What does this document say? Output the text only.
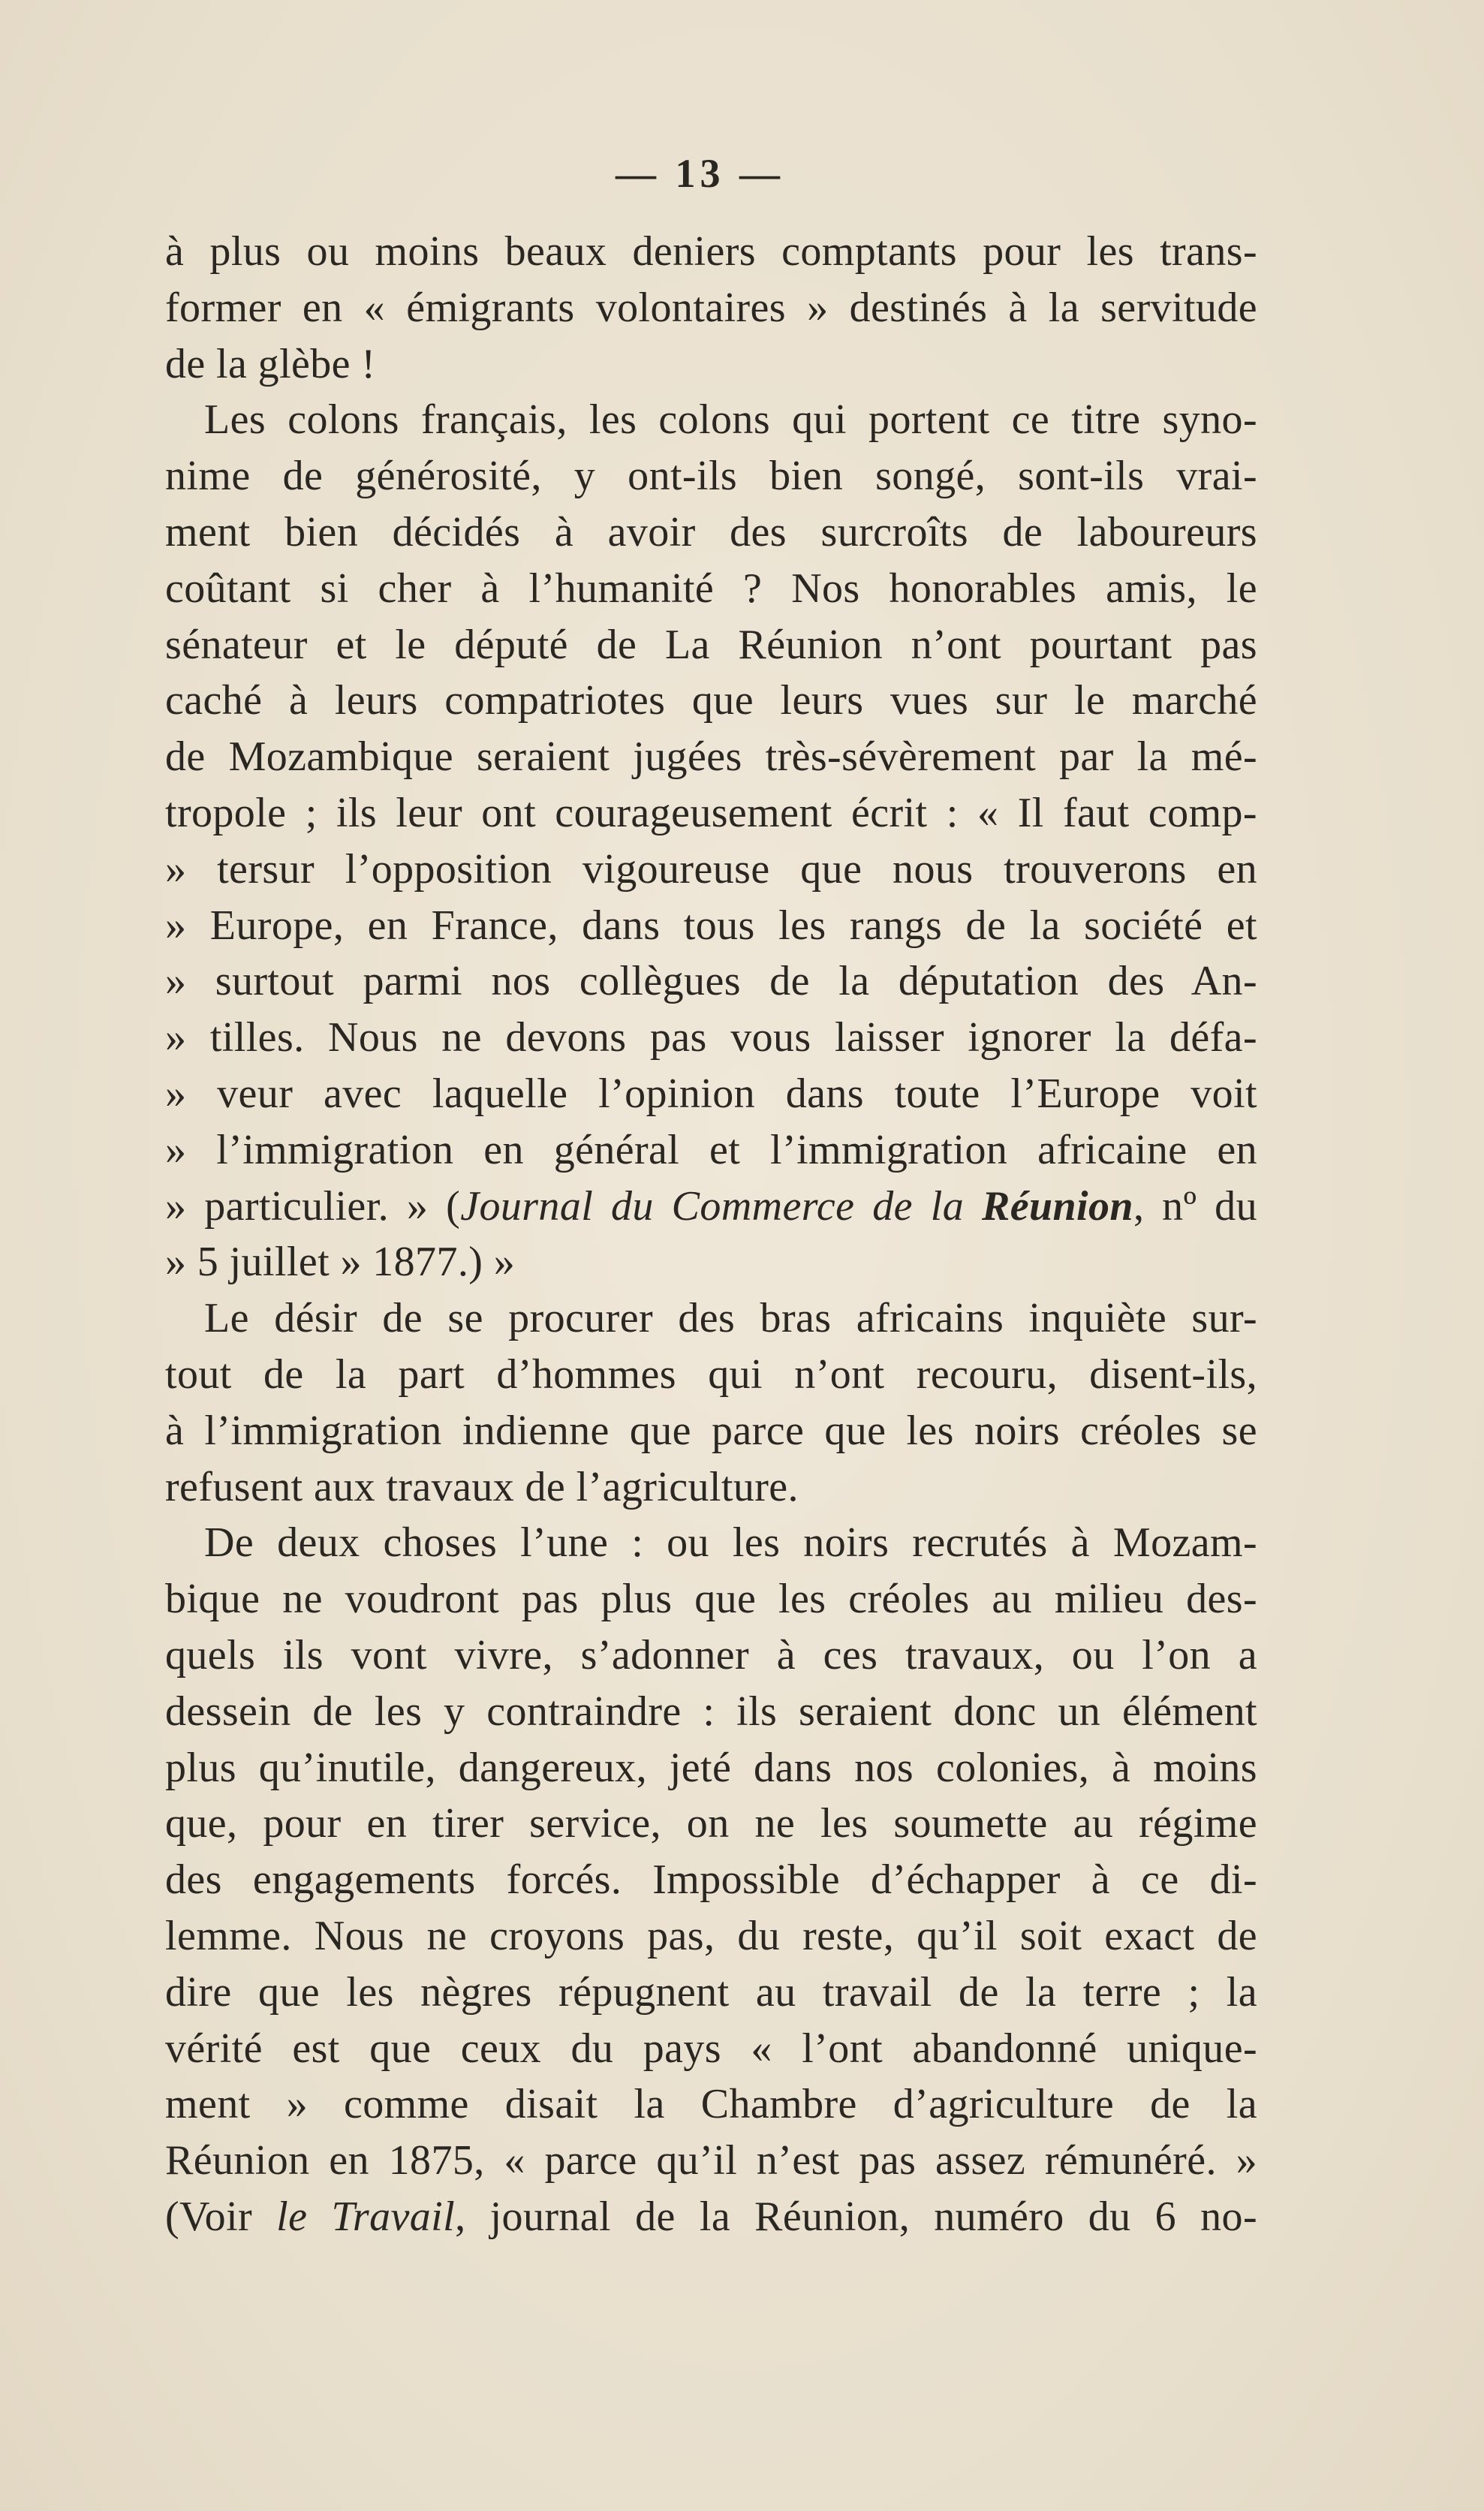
— 13 —
à plus ou moins beaux deniers comptants pour les trans-
former en « émigrants volontaires » destinés à la servitude
de la glèbe !
Les colons français, les colons qui portent ce titre syno-
nime de générosité, y ont-ils bien songé, sont-ils vrai-
ment bien décidés à avoir des surcroîts de laboureurs
coûtant si cher à l’humanité ? Nos honorables amis, le
sénateur et le député de La Réunion n’ont pourtant pas
caché à leurs compatriotes que leurs vues sur le marché
de Mozambique seraient jugées très-sévèrement par la mé-
tropole ; ils leur ont courageusement écrit : « Il faut comp-
» tersur l’opposition vigoureuse que nous trouverons en
» Europe, en France, dans tous les rangs de la société et
» surtout parmi nos collègues de la députation des An-
» tilles. Nous ne devons pas vous laisser ignorer la défa-
» veur avec laquelle l’opinion dans toute l’Europe voit
» l’immigration en général et l’immigration africaine en
» particulier. » (Journal du Commerce de la Réunion, nº du
» 5 juillet » 1877.) »
Le désir de se procurer des bras africains inquiète sur-
tout de la part d’hommes qui n’ont recouru, disent-ils,
à l’immigration indienne que parce que les noirs créoles se
refusent aux travaux de l’agriculture.
De deux choses l’une : ou les noirs recrutés à Mozam-
bique ne voudront pas plus que les créoles au milieu des-
quels ils vont vivre, s’adonner à ces travaux, ou l’on a
dessein de les y contraindre : ils seraient donc un élément
plus qu’inutile, dangereux, jeté dans nos colonies, à moins
que, pour en tirer service, on ne les soumette au régime
des engagements forcés. Impossible d’échapper à ce di-
lemme. Nous ne croyons pas, du reste, qu’il soit exact de
dire que les nègres répugnent au travail de la terre ; la
vérité est que ceux du pays « l’ont abandonné unique-
ment » comme disait la Chambre d’agriculture de la
Réunion en 1875, « parce qu’il n’est pas assez rémunéré. »
(Voir le Travail, journal de la Réunion, numéro du 6 no-
